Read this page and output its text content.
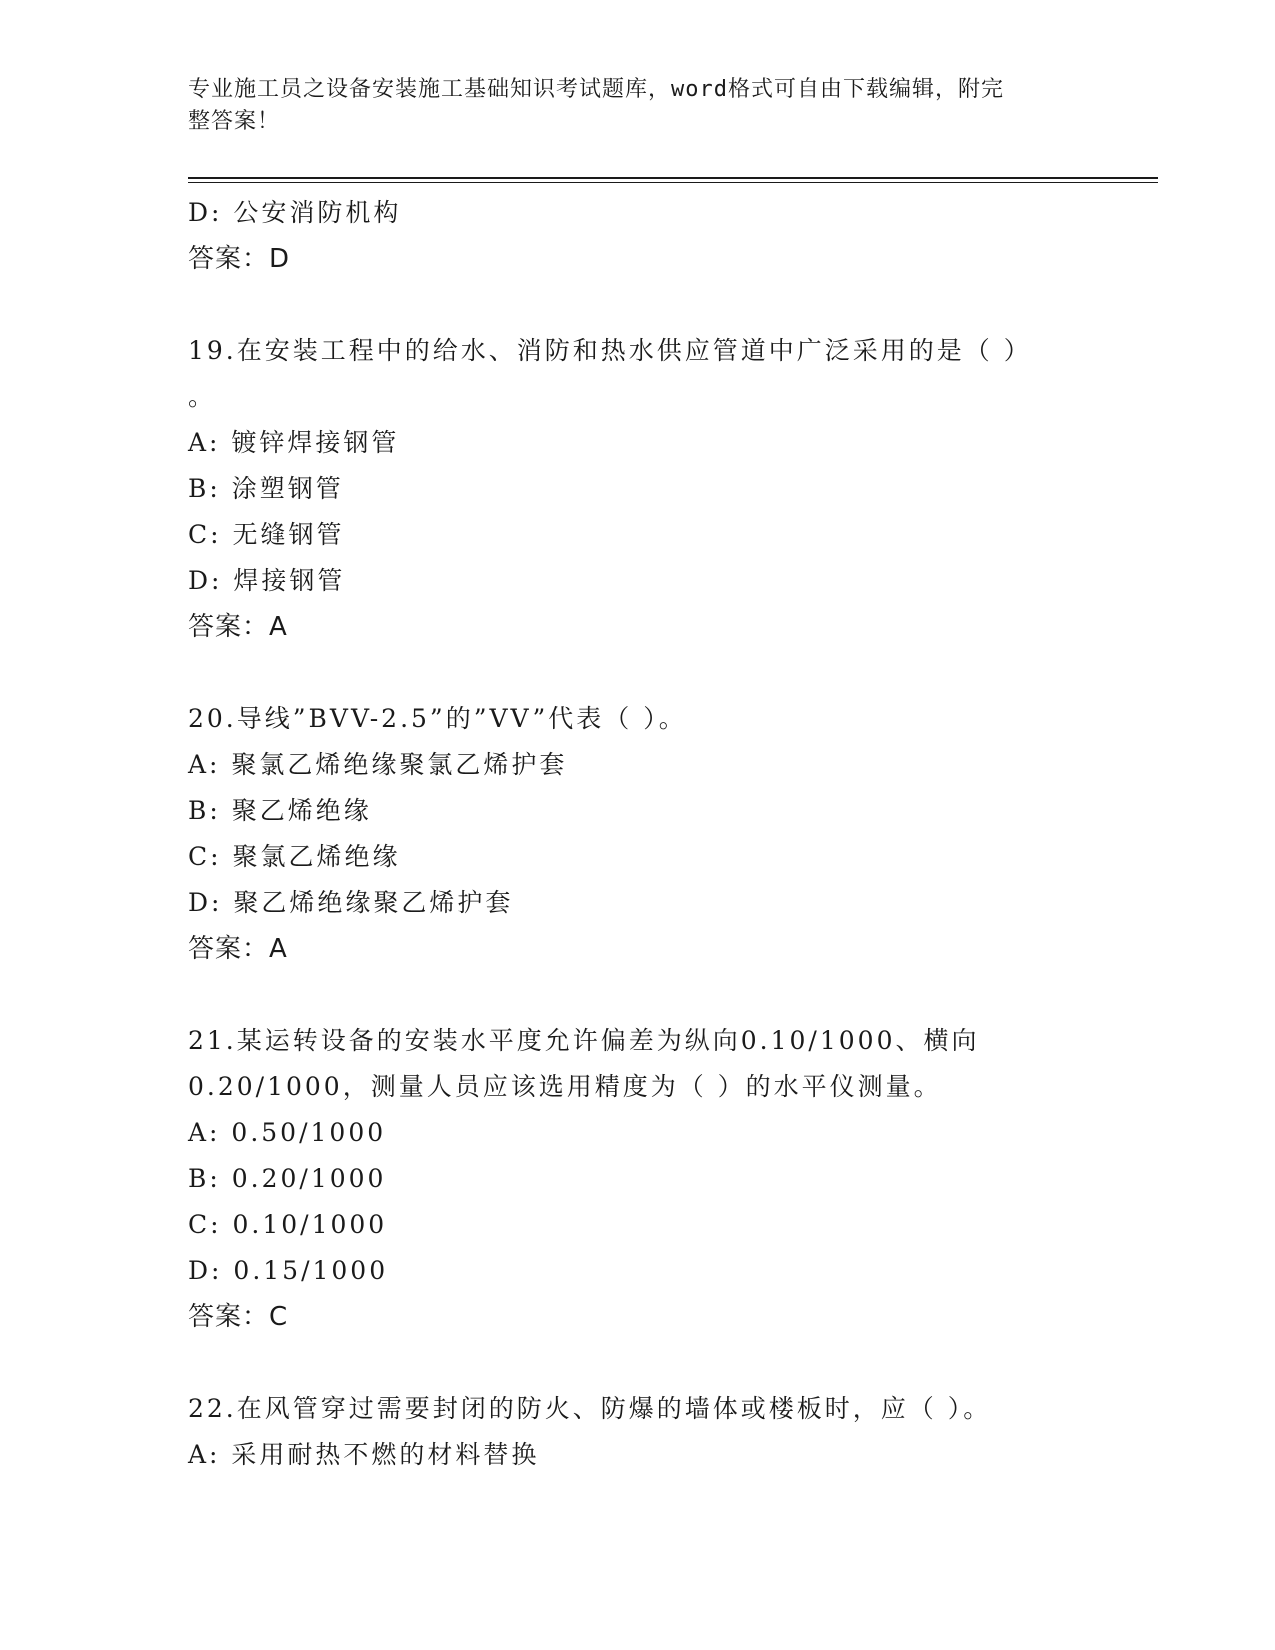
专业施工员之设备安装施工基础知识考试题库，word格式可自由下载编辑，附完
整答案！
D: 公安消防机构
答案：D
19.在安装工程中的给水、消防和热水供应管道中广泛采用的是（ ）
。
A: 镀锌焊接钢管
B: 涂塑钢管
C: 无缝钢管
D: 焊接钢管
答案：A
20.导线”BVV-2.5”的”VV”代表（ ）。
A: 聚氯乙烯绝缘聚氯乙烯护套
B: 聚乙烯绝缘
C: 聚氯乙烯绝缘
D: 聚乙烯绝缘聚乙烯护套
答案：A
21.某运转设备的安装水平度允许偏差为纵向0.10/1000、横向
0.20/1000，测量人员应该选用精度为（ ）的水平仪测量。
A: 0.50/1000
B: 0.20/1000
C: 0.10/1000
D: 0.15/1000
答案：C
22.在风管穿过需要封闭的防火、防爆的墙体或楼板时，应（ ）。
A: 采用耐热不燃的材料替换
